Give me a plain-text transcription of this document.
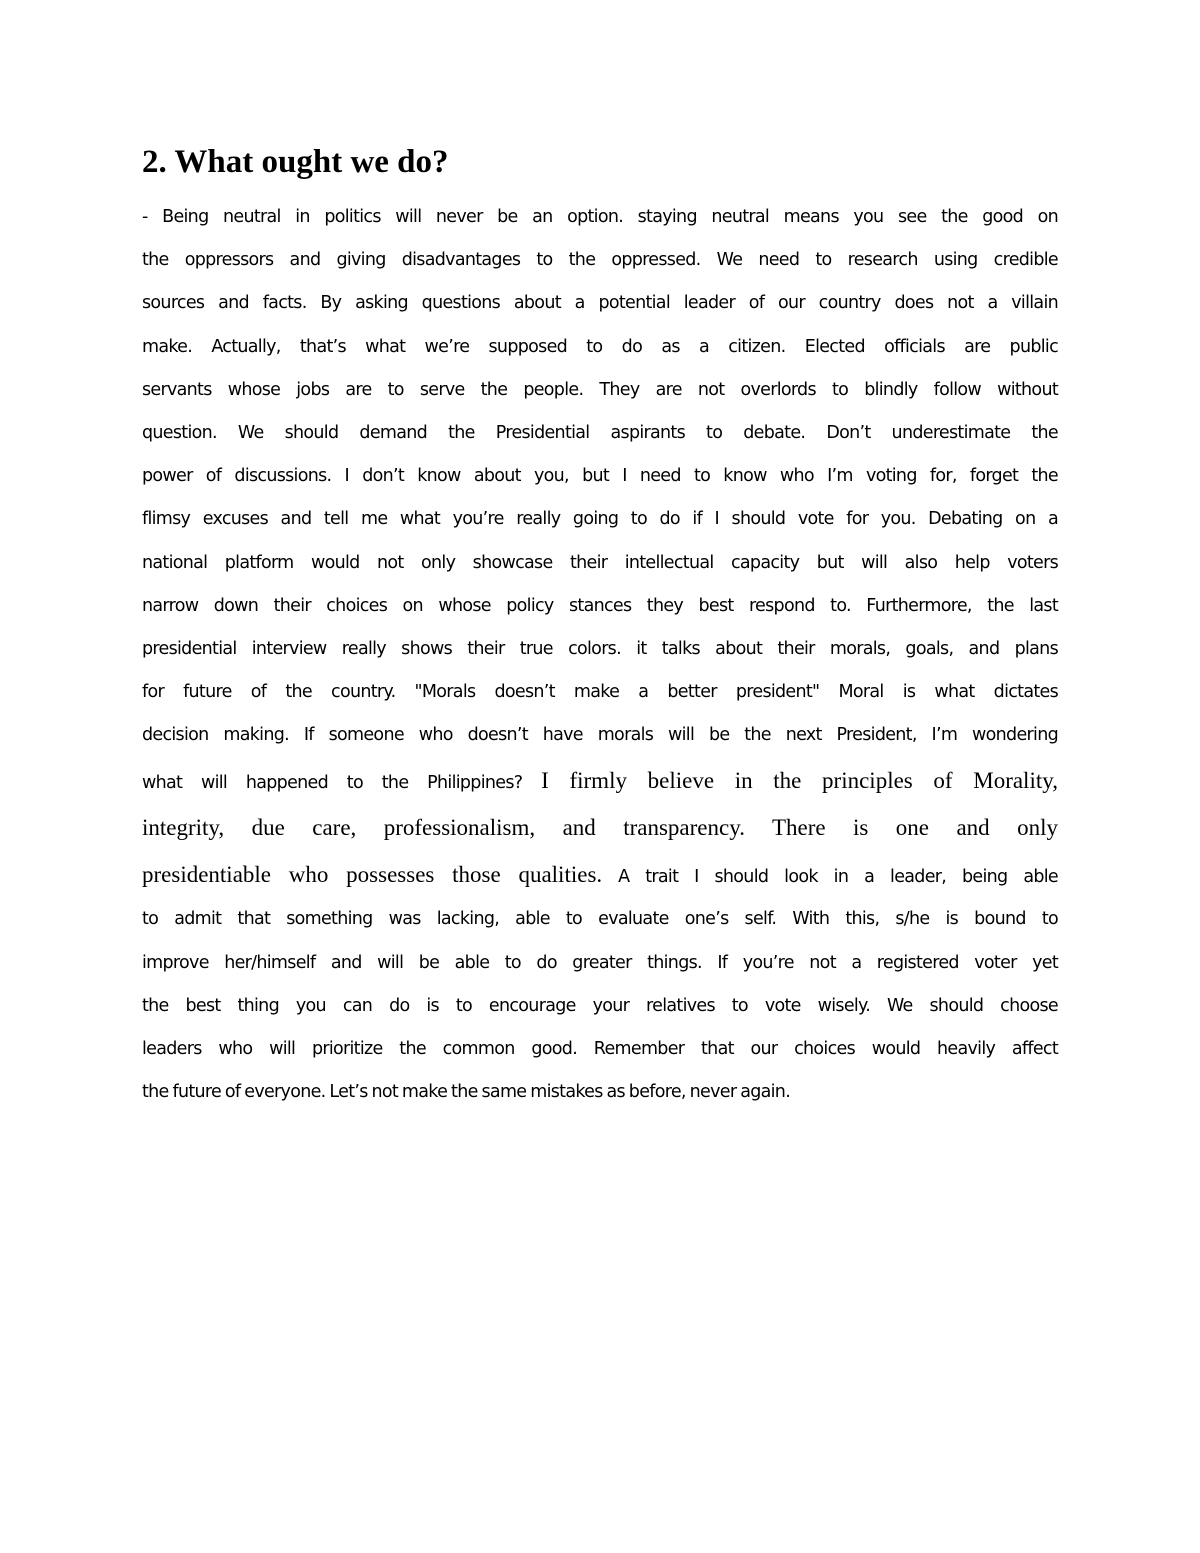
2. What ought we do?
- Being neutral in politics will never be an option. staying neutral means you see the good on
the oppressors and giving disadvantages to the oppressed. We need to research using credible
sources and facts. By asking questions about a potential leader of our country does not a villain
make. Actually, that’s what we’re supposed to do as a citizen. Elected officials are public
servants whose jobs are to serve the people. They are not overlords to blindly follow without
question. We should demand the Presidential aspirants to debate. Don’t underestimate the
power of discussions. I don’t know about you, but I need to know who I’m voting for, forget the
flimsy excuses and tell me what you’re really going to do if I should vote for you. Debating on a
national platform would not only showcase their intellectual capacity but will also help voters
narrow down their choices on whose policy stances they best respond to. Furthermore, the last
presidential interview really shows their true colors. it talks about their morals, goals, and plans
for future of the country. "Morals doesn’t make a better president" Moral is what dictates
decision making. If someone who doesn’t have morals will be the next President, I’m wondering
what will happened to the Philippines? I firmly believe in the principles of Morality,
integrity, due care, professionalism, and transparency. There is one and only
presidentiable who possesses those qualities. A trait I should look in a leader, being able
to admit that something was lacking, able to evaluate one’s self. With this, s/he is bound to
improve her/himself and will be able to do greater things. If you’re not a registered voter yet
the best thing you can do is to encourage your relatives to vote wisely. We should choose
leaders who will prioritize the common good. Remember that our choices would heavily affect
the future of everyone. Let’s not make the same mistakes as before, never again.
